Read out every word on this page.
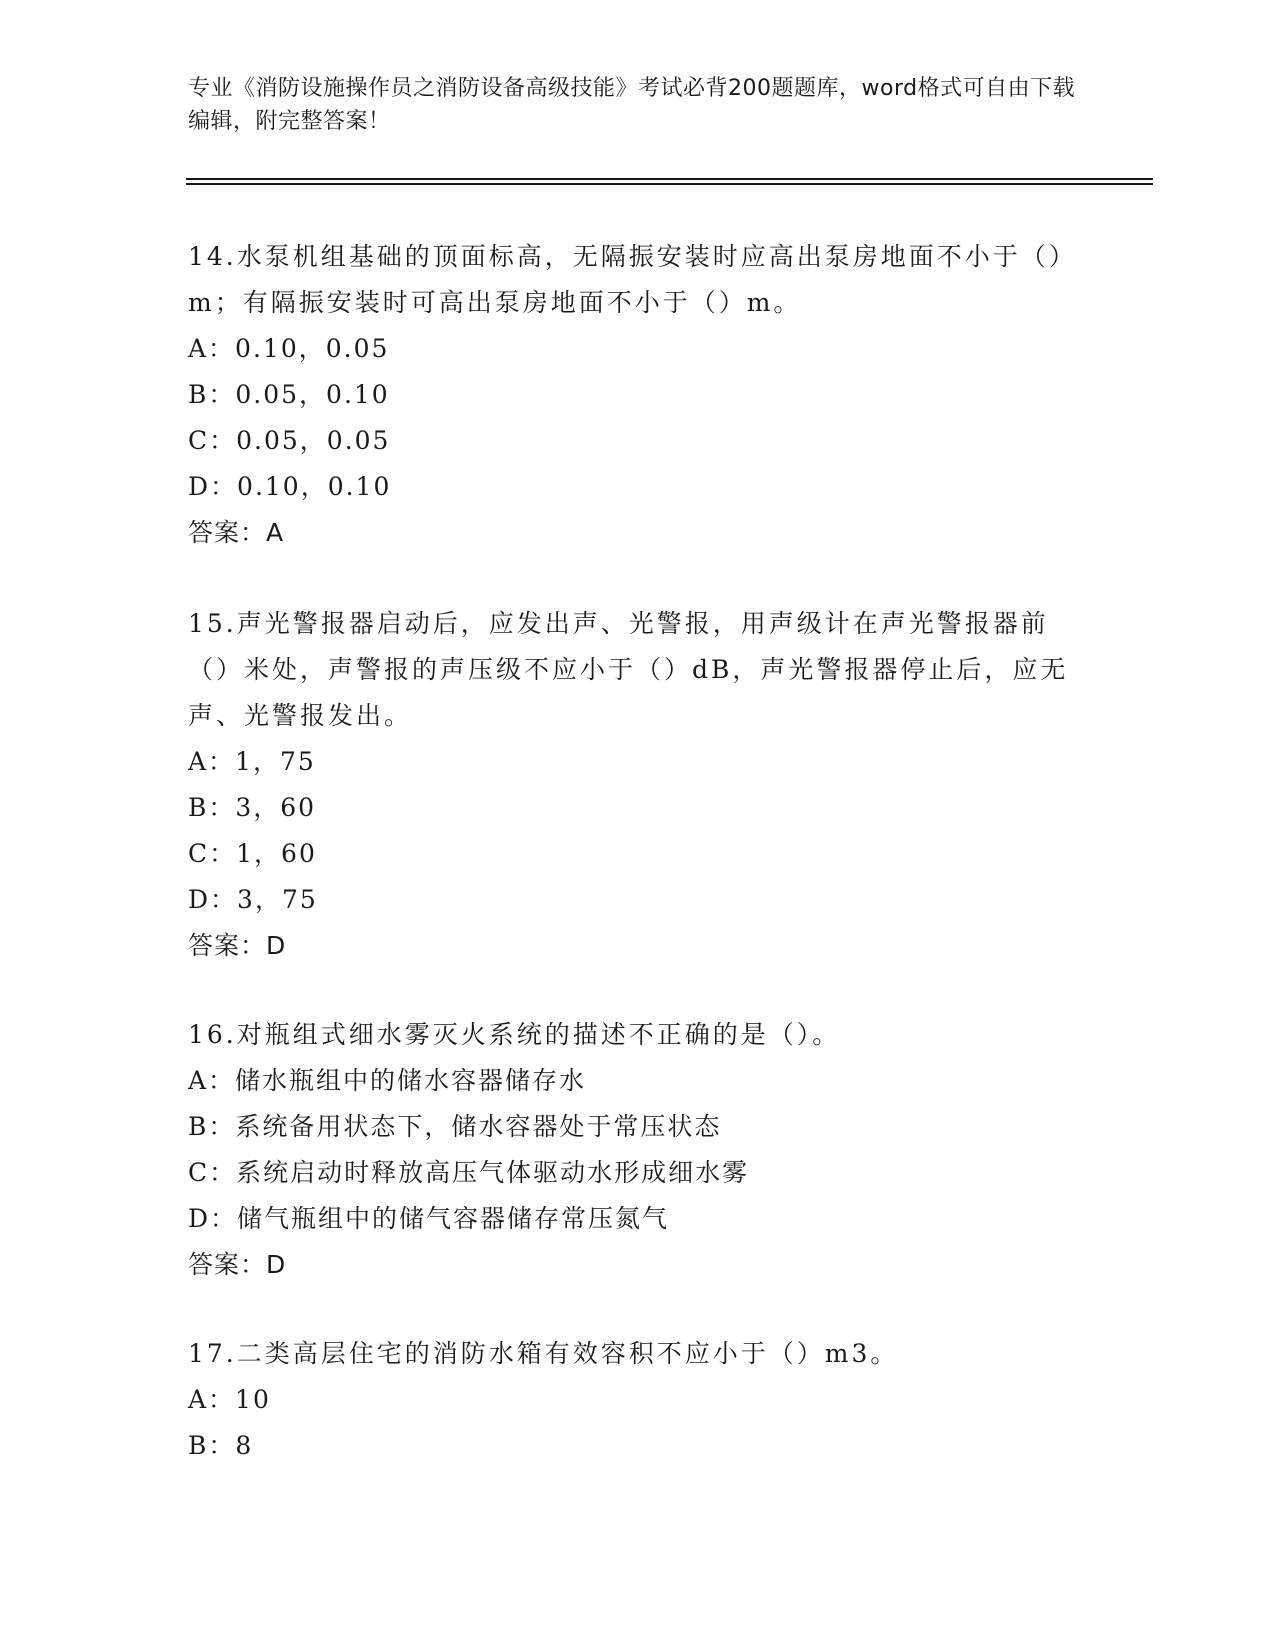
专业《消防设施操作员之消防设备高级技能》考试必背200题题库，word格式可自由下载编辑，附完整答案！
14.水泵机组基础的顶面标高，无隔振安装时应高出泵房地面不小于（）m；有隔振安装时可高出泵房地面不小于（）m。
A：0.10，0.05
B：0.05，0.10
C：0.05，0.05
D：0.10，0.10
答案：A
15.声光警报器启动后，应发出声、光警报，用声级计在声光警报器前（）米处，声警报的声压级不应小于（）dB，声光警报器停止后，应无声、光警报发出。
A：1，75
B：3，60
C：1，60
D：3，75
答案：D
16.对瓶组式细水雾灭火系统的描述不正确的是（）。
A：储水瓶组中的储水容器储存水
B：系统备用状态下，储水容器处于常压状态
C：系统启动时释放高压气体驱动水形成细水雾
D：储气瓶组中的储气容器储存常压氮气
答案：D
17.二类高层住宅的消防水箱有效容积不应小于（）m3。
A：10
B：8
